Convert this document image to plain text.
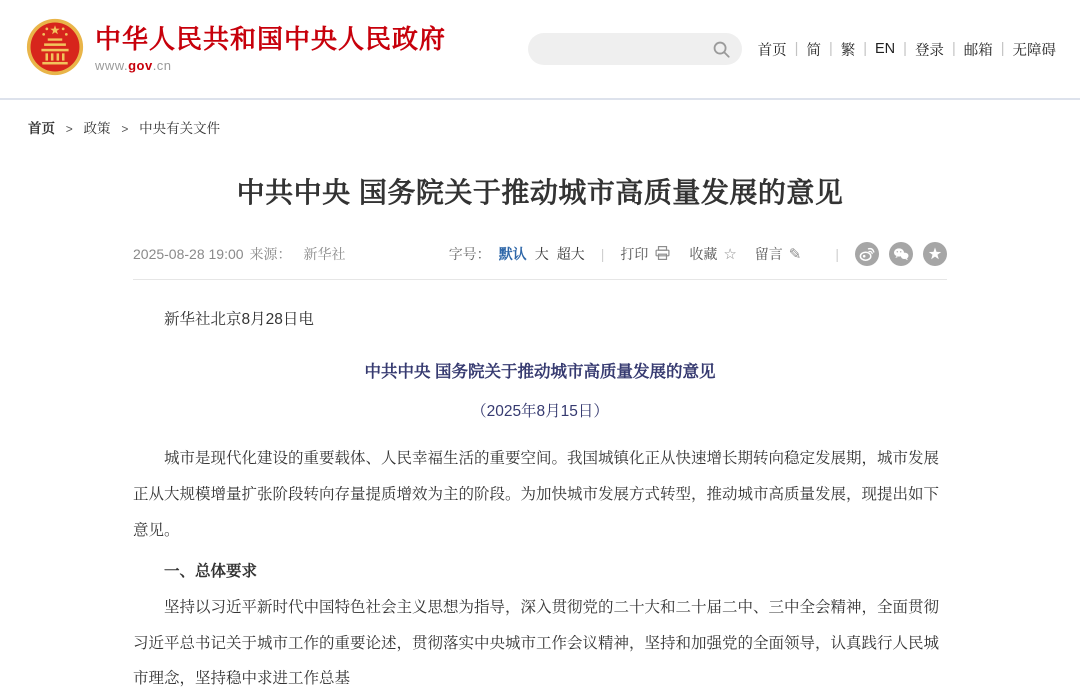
中华人民共和国中央人民政府
www.gov.cn
首页 | 简 | 繁 | EN | 登录 | 邮箱 | 无障碍
首页 > 政策 > 中央有关文件
中共中央 国务院关于推动城市高质量发展的意见
2025-08-28 19:00 来源： 新华社	字号： 默认 大 超大 | 打印	收藏 ☆ 留言 ✎ |

新华社北京8月28日电

中共中央 国务院关于推动城市高质量发展的意见

（2025年8月15日）

城市是现代化建设的重要载体、人民幸福生活的重要空间。我国城镇化正从快速增长期转向稳定发展期，城市发展正从大规模增量扩张阶段转向存量提质增效为主的阶段。为加快城市发展方式转型，推动城市高质量发展，现提出如下意见。

一、总体要求

坚持以习近平新时代中国特色社会主义思想为指导，深入贯彻党的二十大和二十届二中、三中全会精神，全面贯彻习近平总书记关于城市工作的重要论述，贯彻落实中央城市工作会议精神，坚持和加强党的全面领导，认真践行人民城市理念，坚持稳中求进工作总基
